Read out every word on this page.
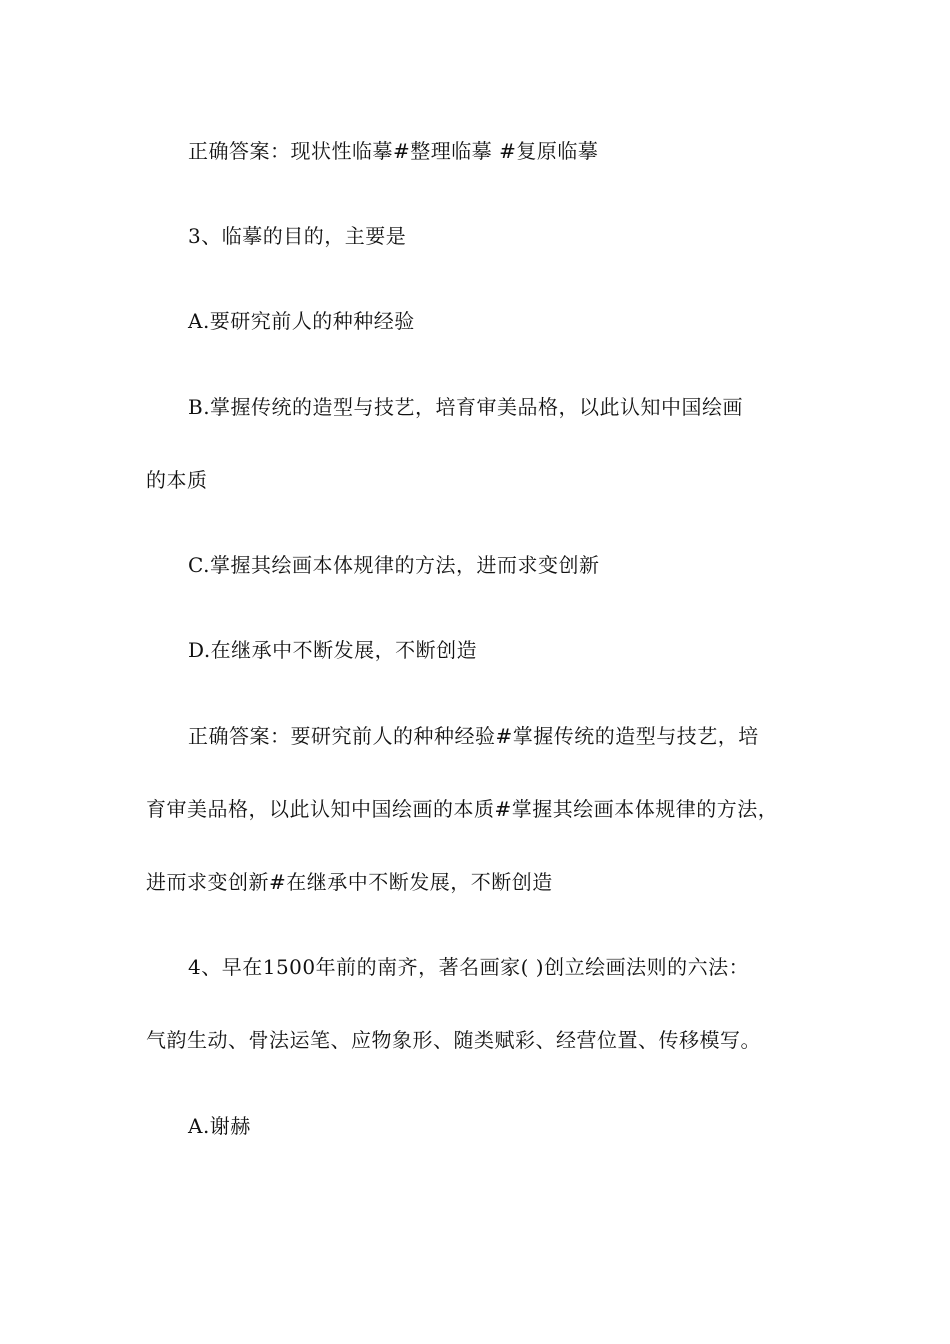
正确答案：现状性临摹#整理临摹 #复原临摹
3、临摹的目的，主要是
A.要研究前人的种种经验
B.掌握传统的造型与技艺，培育审美品格，以此认知中国绘画
的本质
C.掌握其绘画本体规律的方法，进而求变创新
D.在继承中不断发展，不断创造
正确答案：要研究前人的种种经验#掌握传统的造型与技艺，培
育审美品格，以此认知中国绘画的本质#掌握其绘画本体规律的方法，
进而求变创新#在继承中不断发展，不断创造
4、早在1500年前的南齐，著名画家( )创立绘画法则的六法：
气韵生动、骨法运笔、应物象形、随类赋彩、经营位置、传移模写。
A.谢赫
